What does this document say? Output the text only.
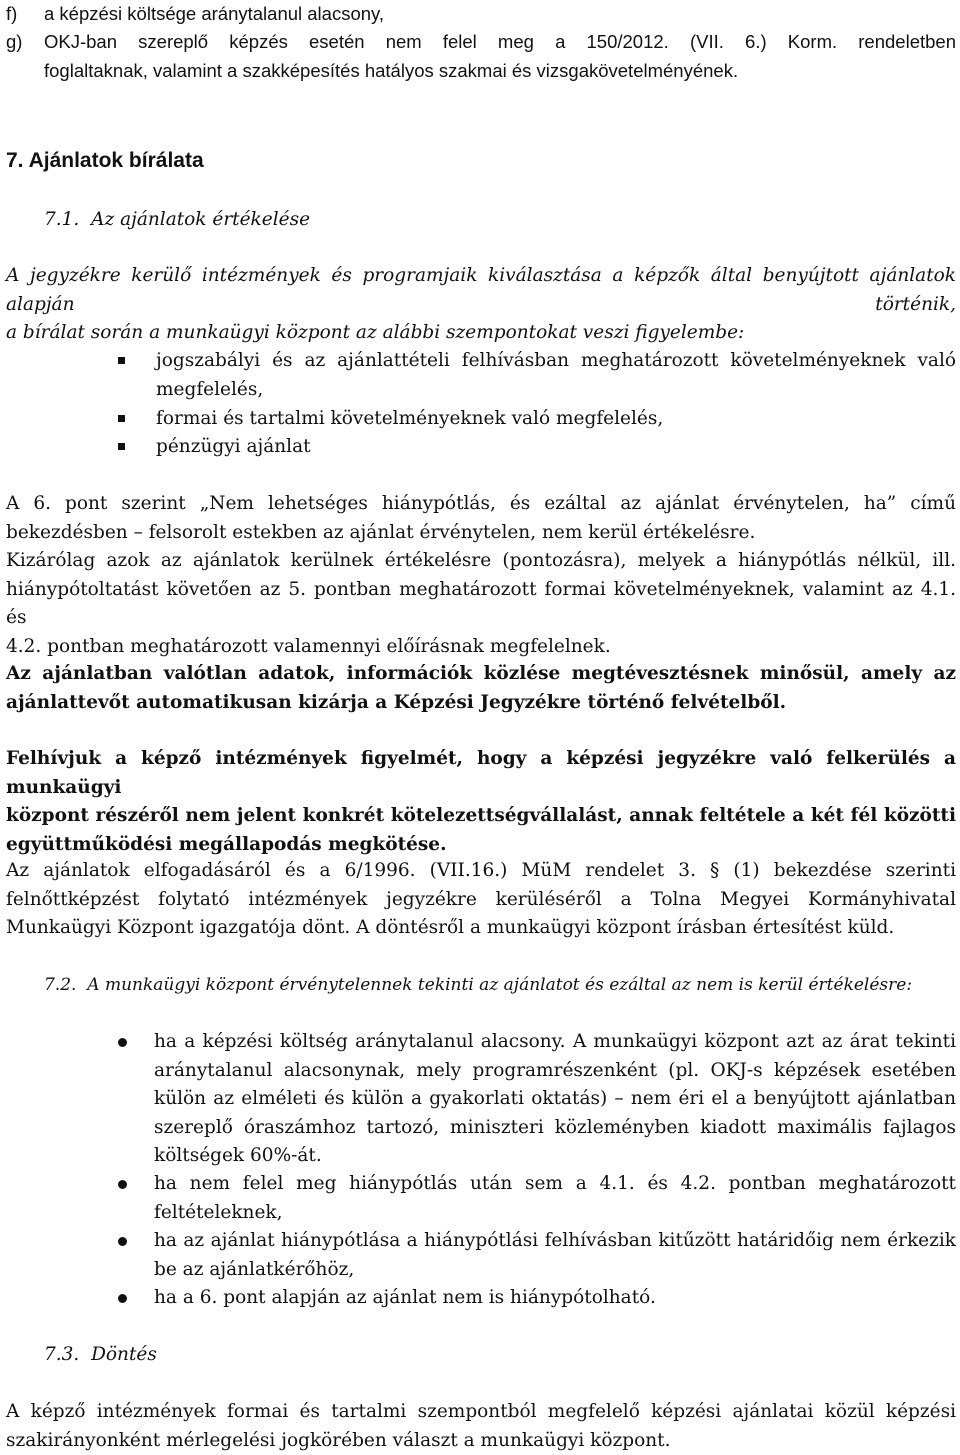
f) a képzési költsége aránytalanul alacsony,
g) OKJ-ban szereplő képzés esetén nem felel meg a 150/2012. (VII. 6.) Korm. rendeletben
foglaltaknak, valamint a szakképesítés hatályos szakmai és vizsgakövetelményének.
7. Ajánlatok bírálata
7.1. Az ajánlatok értékelése
A jegyzékre kerülő intézmények és programjaik kiválasztása a képzők által benyújtott ajánlatok alapján történik,
a bírálat során a munkaügyi központ az alábbi szempontokat veszi figyelembe:
jogszabályi és az ajánlattételi felhívásban meghatározott követelményeknek való
megfelelés,
formai és tartalmi követelményeknek való megfelelés,
pénzügyi ajánlat
A 6. pont szerint „Nem lehetséges hiánypótlás, és ezáltal az ajánlat érvénytelen, ha” című
bekezdésben – felsorolt estekben az ajánlat érvénytelen, nem kerül értékelésre.
Kizárólag azok az ajánlatok kerülnek értékelésre (pontozásra), melyek a hiánypótlás nélkül, ill.
hiánypótoltatást követően az 5. pontban meghatározott formai követelményeknek, valamint az 4.1. és
4.2. pontban meghatározott valamennyi előírásnak megfelelnek.
Az ajánlatban valótlan adatok, információk közlése megtévesztésnek minősül, amely az
ajánlattevőt automatikusan kizárja a Képzési Jegyzékre történő felvételből.
Felhívjuk a képző intézmények figyelmét, hogy a képzési jegyzékre való felkerülés a munkaügyi
központ részéről nem jelent konkrét kötelezettségvállalást, annak feltétele a két fél közötti
együttműködési megállapodás megkötése.
Az ajánlatok elfogadásáról és a 6/1996. (VII.16.) MüM rendelet 3. § (1) bekezdése szerinti
felnőttképzést folytató intézmények jegyzékre kerüléséről a Tolna Megyei Kormányhivatal
Munkaügyi Központ igazgatója dönt. A döntésről a munkaügyi központ írásban értesítést küld.
7.2. A munkaügyi központ érvénytelennek tekinti az ajánlatot és ezáltal az nem is kerül értékelésre:
ha a képzési költség aránytalanul alacsony. A munkaügyi központ azt az árat tekinti
aránytalanul alacsonynak, mely programrészenként (pl. OKJ-s képzések esetében
külön az elméleti és külön a gyakorlati oktatás) – nem éri el a benyújtott ajánlatban
szereplő óraszámhoz tartozó, miniszteri közleményben kiadott maximális fajlagos
költségek 60%-át.
ha nem felel meg hiánypótlás után sem a 4.1. és 4.2. pontban meghatározott
feltételeknek,
ha az ajánlat hiánypótlása a hiánypótlási felhívásban kitűzött határidőig nem érkezik
be az ajánlatkérőhöz,
ha a 6. pont alapján az ajánlat nem is hiánypótolható.
7.3. Döntés
A képző intézmények formai és tartalmi szempontból megfelelő képzési ajánlatai közül képzési
szakirányonként mérlegelési jogkörében választ a munkaügyi központ.
